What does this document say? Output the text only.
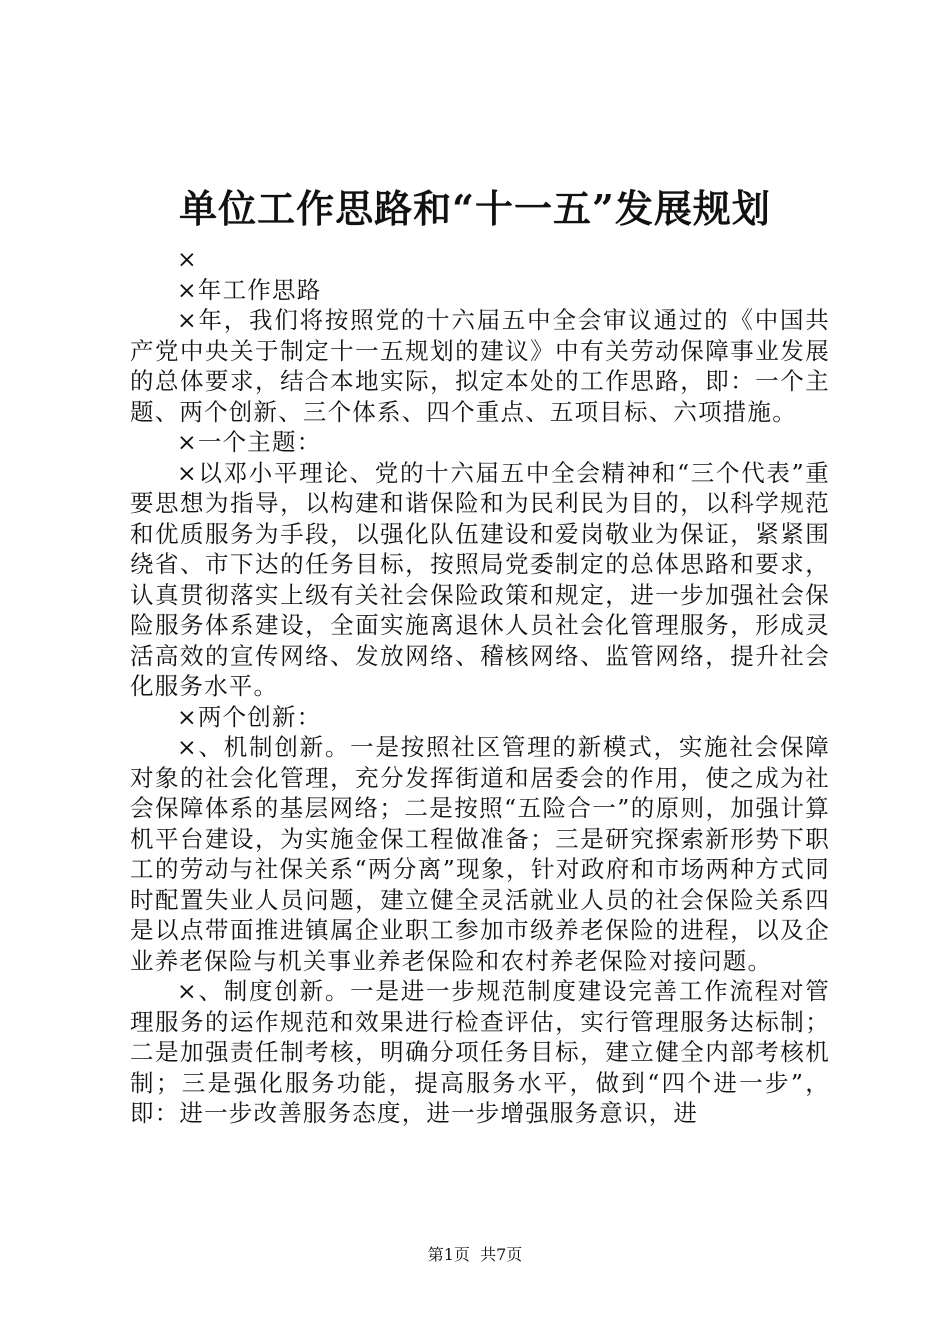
单位工作思路和“十一五”发展规划

×

×年工作思路

×年，我们将按照党的十六届五中全会审议通过的《中国共产党中央关于制定十一五规划的建议》中有关劳动保障事业发展的总体要求，结合本地实际，拟定本处的工作思路，即：一个主题、两个创新、三个体系、四个重点、五项目标、六项措施。

×一个主题：

×以邓小平理论、党的十六届五中全会精神和“三个代表”重要思想为指导，以构建和谐保险和为民利民为目的，以科学规范和优质服务为手段，以强化队伍建设和爱岗敬业为保证，紧紧围绕省、市下达的任务目标，按照局党委制定的总体思路和要求，认真贯彻落实上级有关社会保险政策和规定，进一步加强社会保险服务体系建设，全面实施离退休人员社会化管理服务，形成灵活高效的宣传网络、发放网络、稽核网络、监管网络，提升社会化服务水平。

×两个创新：

×、机制创新。一是按照社区管理的新模式，实施社会保障对象的社会化管理，充分发挥街道和居委会的作用，使之成为社会保障体系的基层网络；二是按照“五险合一”的原则，加强计算机平台建设，为实施金保工程做准备；三是研究探索新形势下职工的劳动与社保关系“两分离”现象，针对政府和市场两种方式同时配置失业人员问题，建立健全灵活就业人员的社会保险关系四是以点带面推进镇属企业职工参加市级养老保险的进程，以及企业养老保险与机关事业养老保险和农村养老保险对接问题。

×、制度创新。一是进一步规范制度建设完善工作流程对管理服务的运作规范和效果进行检查评估，实行管理服务达标制；二是加强责任制考核，明确分项任务目标，建立健全内部考核机制；三是强化服务功能，提高服务水平，做到“四个进一步”，即：进一步改善服务态度，进一步增强服务意识，进

第1页  共7页
